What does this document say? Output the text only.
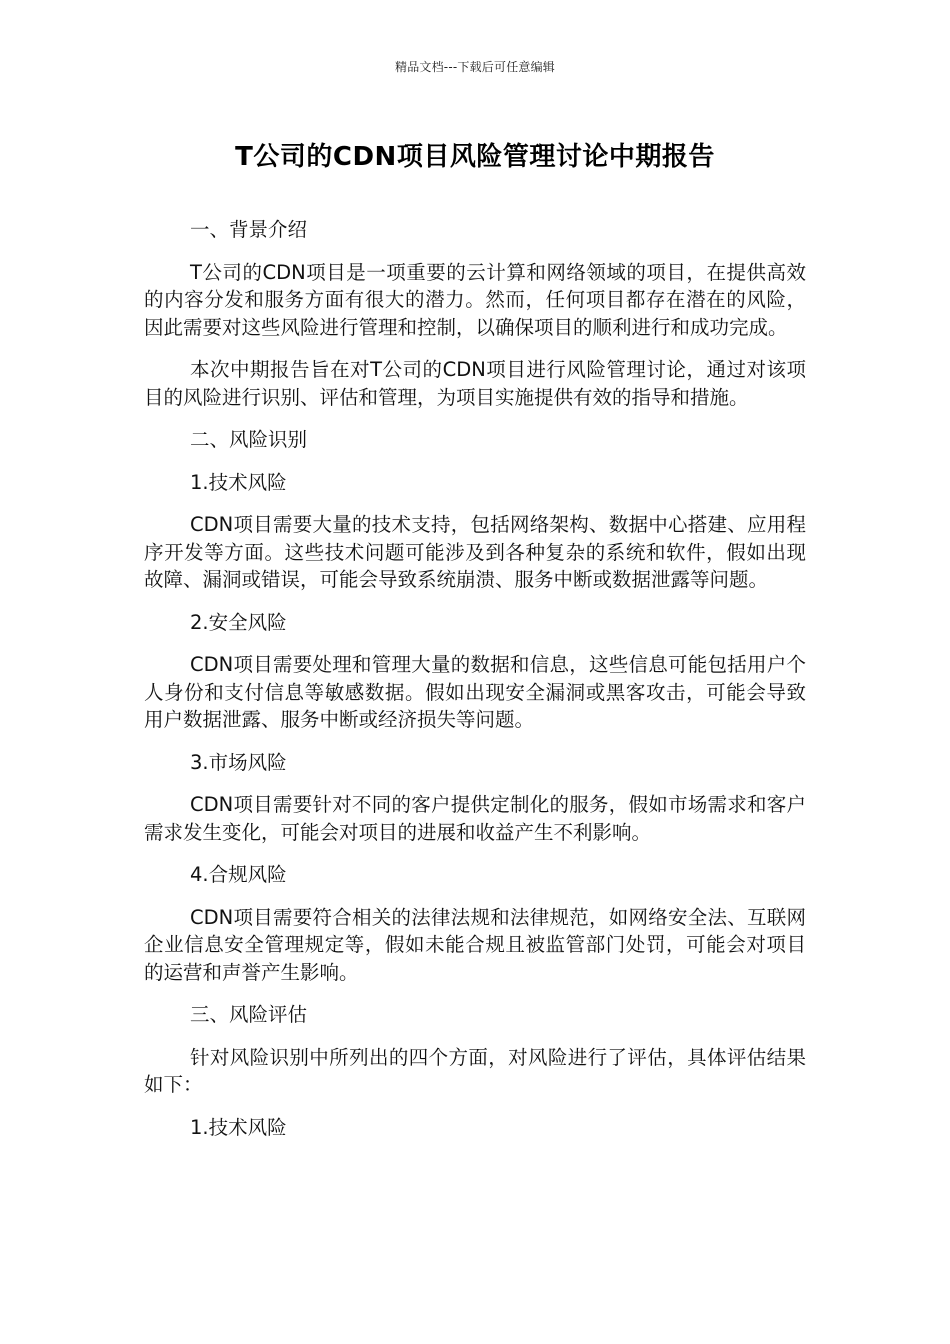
精品文档---下载后可任意编辑
T公司的CDN项目风险管理讨论中期报告

一、背景介绍

T公司的CDN项目是一项重要的云计算和网络领域的项目，在提供高效的内容分发和服务方面有很大的潜力。然而，任何项目都存在潜在的风险，因此需要对这些风险进行管理和控制，以确保项目的顺利进行和成功完成。

本次中期报告旨在对T公司的CDN项目进行风险管理讨论，通过对该项目的风险进行识别、评估和管理，为项目实施提供有效的指导和措施。

二、风险识别

1.技术风险

CDN项目需要大量的技术支持，包括网络架构、数据中心搭建、应用程序开发等方面。这些技术问题可能涉及到各种复杂的系统和软件，假如出现故障、漏洞或错误，可能会导致系统崩溃、服务中断或数据泄露等问题。

2.安全风险

CDN项目需要处理和管理大量的数据和信息，这些信息可能包括用户个人身份和支付信息等敏感数据。假如出现安全漏洞或黑客攻击，可能会导致用户数据泄露、服务中断或经济损失等问题。

3.市场风险

CDN项目需要针对不同的客户提供定制化的服务，假如市场需求和客户需求发生变化，可能会对项目的进展和收益产生不利影响。

4.合规风险

CDN项目需要符合相关的法律法规和法律规范，如网络安全法、互联网企业信息安全管理规定等，假如未能合规且被监管部门处罚，可能会对项目的运营和声誉产生影响。

三、风险评估

针对风险识别中所列出的四个方面，对风险进行了评估，具体评估结果如下：

1.技术风险
